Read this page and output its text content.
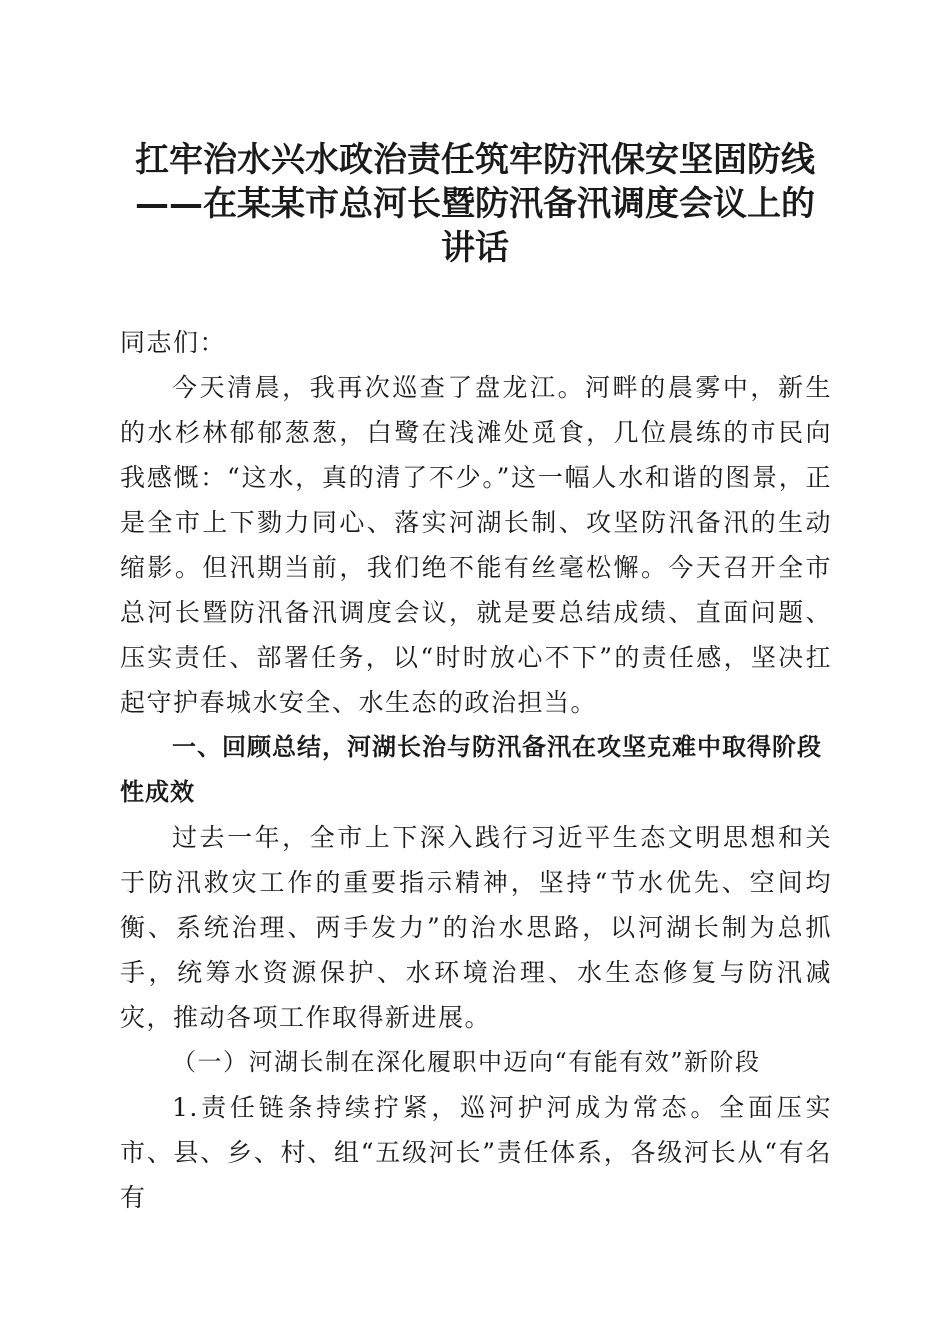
扛牢治水兴水政治责任筑牢防汛保安坚固防线
——在某某市总河长暨防汛备汛调度会议上的
讲话

同志们：

今天清晨，我再次巡查了盘龙江。河畔的晨雾中，新生的水杉林郁郁葱葱，白鹭在浅滩处觅食，几位晨练的市民向我感慨：“这水，真的清了不少。”这一幅人水和谐的图景，正是全市上下勠力同心、落实河湖长制、攻坚防汛备汛的生动缩影。但汛期当前，我们绝不能有丝毫松懈。今天召开全市总河长暨防汛备汛调度会议，就是要总结成绩、直面问题、压实责任、部署任务，以“时时放心不下”的责任感，坚决扛起守护春城水安全、水生态的政治担当。

一、回顾总结，河湖长治与防汛备汛在攻坚克难中取得阶段性成效

过去一年，全市上下深入践行习近平生态文明思想和关于防汛救灾工作的重要指示精神，坚持“节水优先、空间均衡、系统治理、两手发力”的治水思路，以河湖长制为总抓手，统筹水资源保护、水环境治理、水生态修复与防汛减灾，推动各项工作取得新进展。

（一）河湖长制在深化履职中迈向“有能有效”新阶段

1.责任链条持续拧紧，巡河护河成为常态。全面压实市、县、乡、村、组“五级河长”责任体系，各级河长从“有名有
